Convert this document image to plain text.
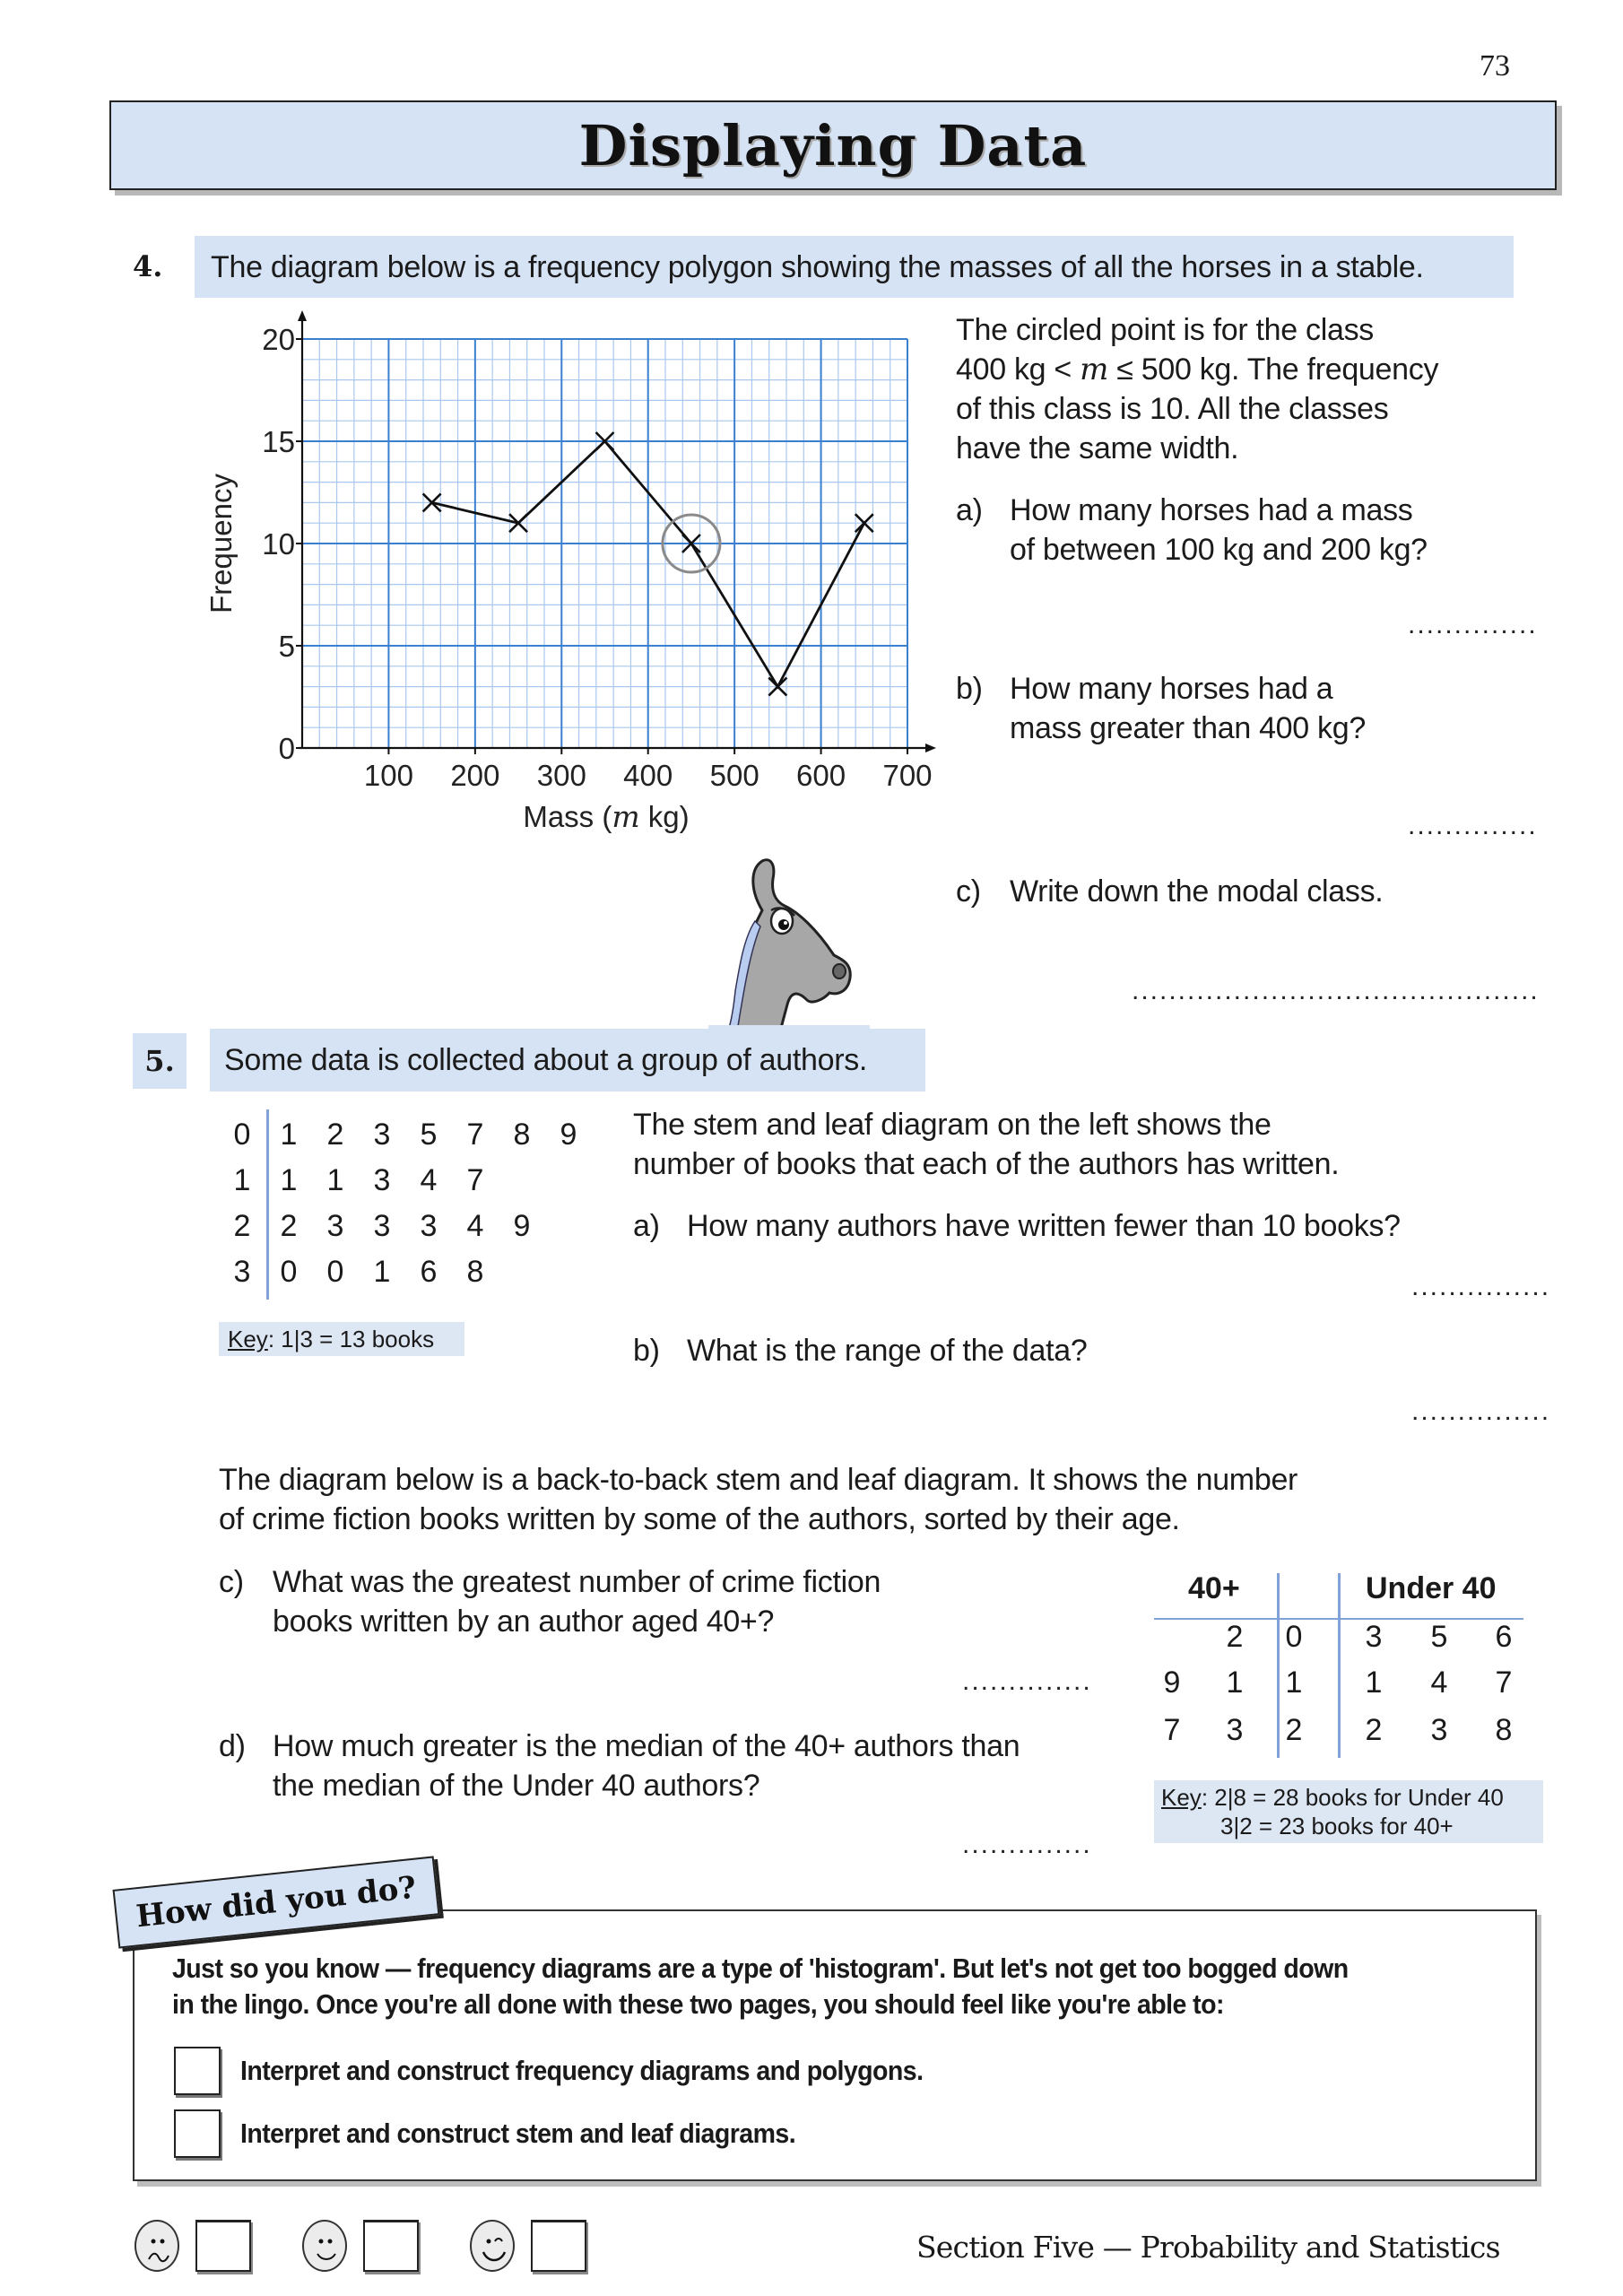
73
Displaying Data
4. The diagram below is a frequency polygon showing the masses of all the horses in a stable.
100 200 300 400 500 600 700
0
5
10
15
20
Frequency
Mass (m kg)
The circled point is for the class
400 kg < m ≤ 500 kg. The frequency
of this class is 10. All the classes
have the same width.
a) How many horses had a mass
of between 100 kg and 200 kg?
..............
b) How many horses had a
mass greater than 400 kg?
..............
c) Write down the modal class.
............................................
5. Some data is collected about a group of authors.
0 1 2 3 5 7 8 9
1 1 1 3 4 7
2 2 3 3 3 4 9
3 0 0 1 6 8
Key: 1|3 = 13 books
The stem and leaf diagram on the left shows the
number of books that each of the authors has written.
a) How many authors have written fewer than 10 books?
...............
b) What is the range of the data?
...............
The diagram below is a back-to-back stem and leaf diagram. It shows the number
of crime fiction books written by some of the authors, sorted by their age.
c) What was the greatest number of crime fiction
books written by an author aged 40+?
..............
d) How much greater is the median of the 40+ authors than
the median of the Under 40 authors?
..............
40+	Under 40
2 0 3 5 6
9 1 1 1 4 7
7 3 2 2 3 8
Key: 2|8 = 28 books for Under 40
3|2 = 23 books for 40+
Just so you know — frequency diagrams are a type of 'histogram'. But let's not get too bogged down
in the lingo. Once you're all done with these two pages, you should feel like you're able to:
Interpret and construct frequency diagrams and polygons.
Interpret and construct stem and leaf diagrams.
How did you do?
Section Five — Probability and Statistics
